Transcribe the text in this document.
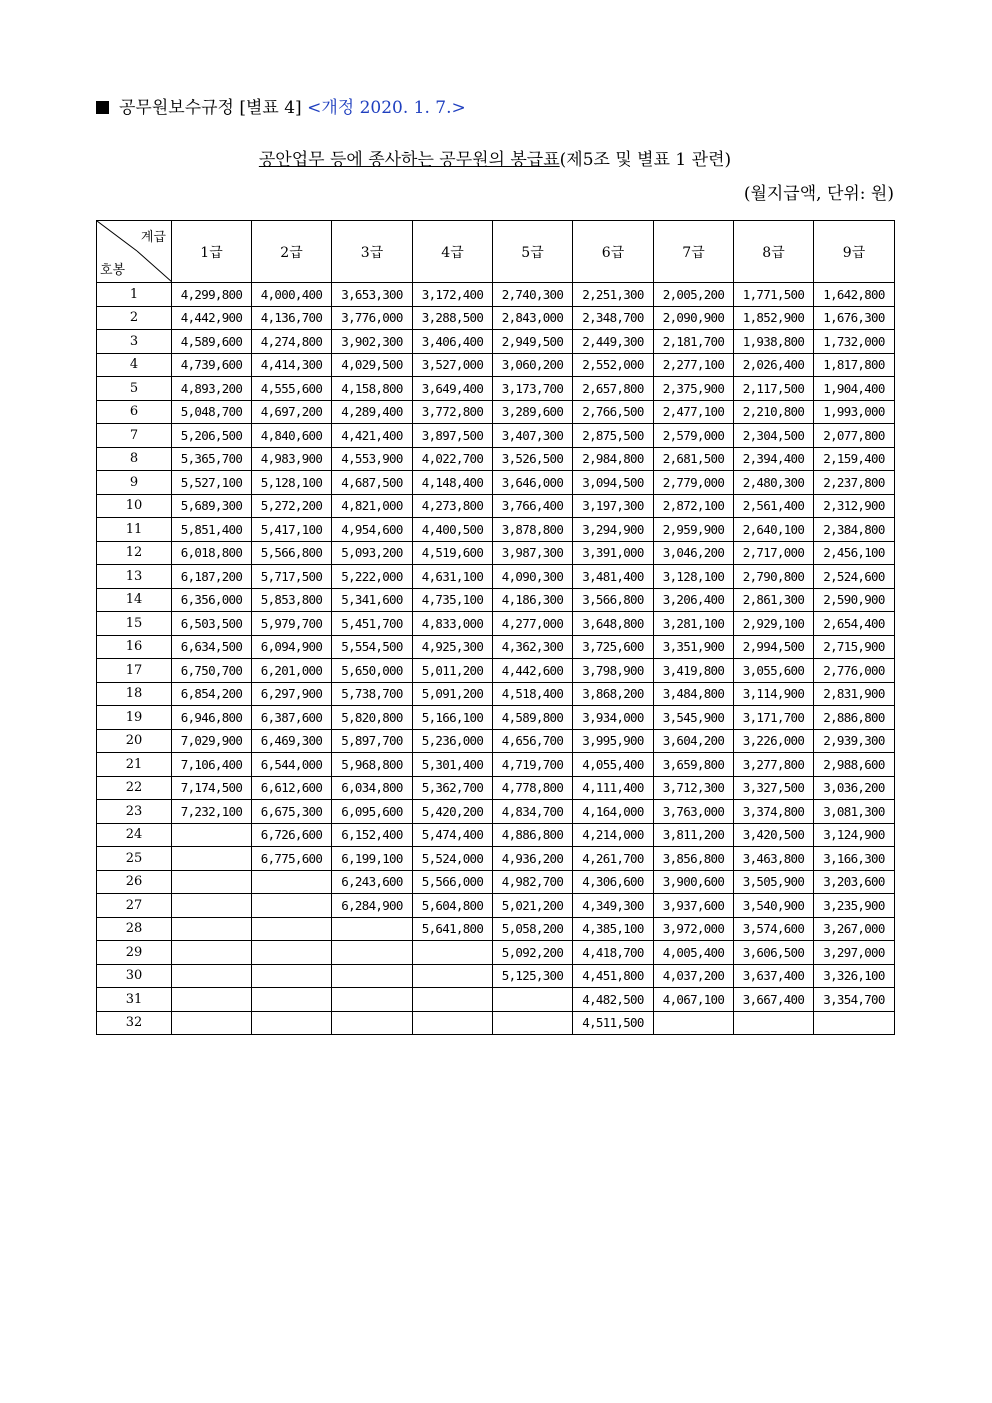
공무원보수규정 [별표 4] <개정 2020. 1. 7.>
공안업무 등에 종사하는 공무원의 봉급표(제5조 및 별표 1 관련)
(월지급액, 단위: 원)
계급
호봉	1급	2급	3급	4급	5급	6급	7급	8급	9급
1	4,299,800	4,000,400	3,653,300	3,172,400	2,740,300	2,251,300	2,005,200	1,771,500	1,642,800
2	4,442,900	4,136,700	3,776,000	3,288,500	2,843,000	2,348,700	2,090,900	1,852,900	1,676,300
3	4,589,600	4,274,800	3,902,300	3,406,400	2,949,500	2,449,300	2,181,700	1,938,800	1,732,000
4	4,739,600	4,414,300	4,029,500	3,527,000	3,060,200	2,552,000	2,277,100	2,026,400	1,817,800
5	4,893,200	4,555,600	4,158,800	3,649,400	3,173,700	2,657,800	2,375,900	2,117,500	1,904,400
6	5,048,700	4,697,200	4,289,400	3,772,800	3,289,600	2,766,500	2,477,100	2,210,800	1,993,000
7	5,206,500	4,840,600	4,421,400	3,897,500	3,407,300	2,875,500	2,579,000	2,304,500	2,077,800
8	5,365,700	4,983,900	4,553,900	4,022,700	3,526,500	2,984,800	2,681,500	2,394,400	2,159,400
9	5,527,100	5,128,100	4,687,500	4,148,400	3,646,000	3,094,500	2,779,000	2,480,300	2,237,800
10	5,689,300	5,272,200	4,821,000	4,273,800	3,766,400	3,197,300	2,872,100	2,561,400	2,312,900
11	5,851,400	5,417,100	4,954,600	4,400,500	3,878,800	3,294,900	2,959,900	2,640,100	2,384,800
12	6,018,800	5,566,800	5,093,200	4,519,600	3,987,300	3,391,000	3,046,200	2,717,000	2,456,100
13	6,187,200	5,717,500	5,222,000	4,631,100	4,090,300	3,481,400	3,128,100	2,790,800	2,524,600
14	6,356,000	5,853,800	5,341,600	4,735,100	4,186,300	3,566,800	3,206,400	2,861,300	2,590,900
15	6,503,500	5,979,700	5,451,700	4,833,000	4,277,000	3,648,800	3,281,100	2,929,100	2,654,400
16	6,634,500	6,094,900	5,554,500	4,925,300	4,362,300	3,725,600	3,351,900	2,994,500	2,715,900
17	6,750,700	6,201,000	5,650,000	5,011,200	4,442,600	3,798,900	3,419,800	3,055,600	2,776,000
18	6,854,200	6,297,900	5,738,700	5,091,200	4,518,400	3,868,200	3,484,800	3,114,900	2,831,900
19	6,946,800	6,387,600	5,820,800	5,166,100	4,589,800	3,934,000	3,545,900	3,171,700	2,886,800
20	7,029,900	6,469,300	5,897,700	5,236,000	4,656,700	3,995,900	3,604,200	3,226,000	2,939,300
21	7,106,400	6,544,000	5,968,800	5,301,400	4,719,700	4,055,400	3,659,800	3,277,800	2,988,600
22	7,174,500	6,612,600	6,034,800	5,362,700	4,778,800	4,111,400	3,712,300	3,327,500	3,036,200
23	7,232,100	6,675,300	6,095,600	5,420,200	4,834,700	4,164,000	3,763,000	3,374,800	3,081,300
24		6,726,600	6,152,400	5,474,400	4,886,800	4,214,000	3,811,200	3,420,500	3,124,900
25		6,775,600	6,199,100	5,524,000	4,936,200	4,261,700	3,856,800	3,463,800	3,166,300
26			6,243,600	5,566,000	4,982,700	4,306,600	3,900,600	3,505,900	3,203,600
27			6,284,900	5,604,800	5,021,200	4,349,300	3,937,600	3,540,900	3,235,900
28				5,641,800	5,058,200	4,385,100	3,972,000	3,574,600	3,267,000
29					5,092,200	4,418,700	4,005,400	3,606,500	3,297,000
30					5,125,300	4,451,800	4,037,200	3,637,400	3,326,100
31						4,482,500	4,067,100	3,667,400	3,354,700
32						4,511,500			
